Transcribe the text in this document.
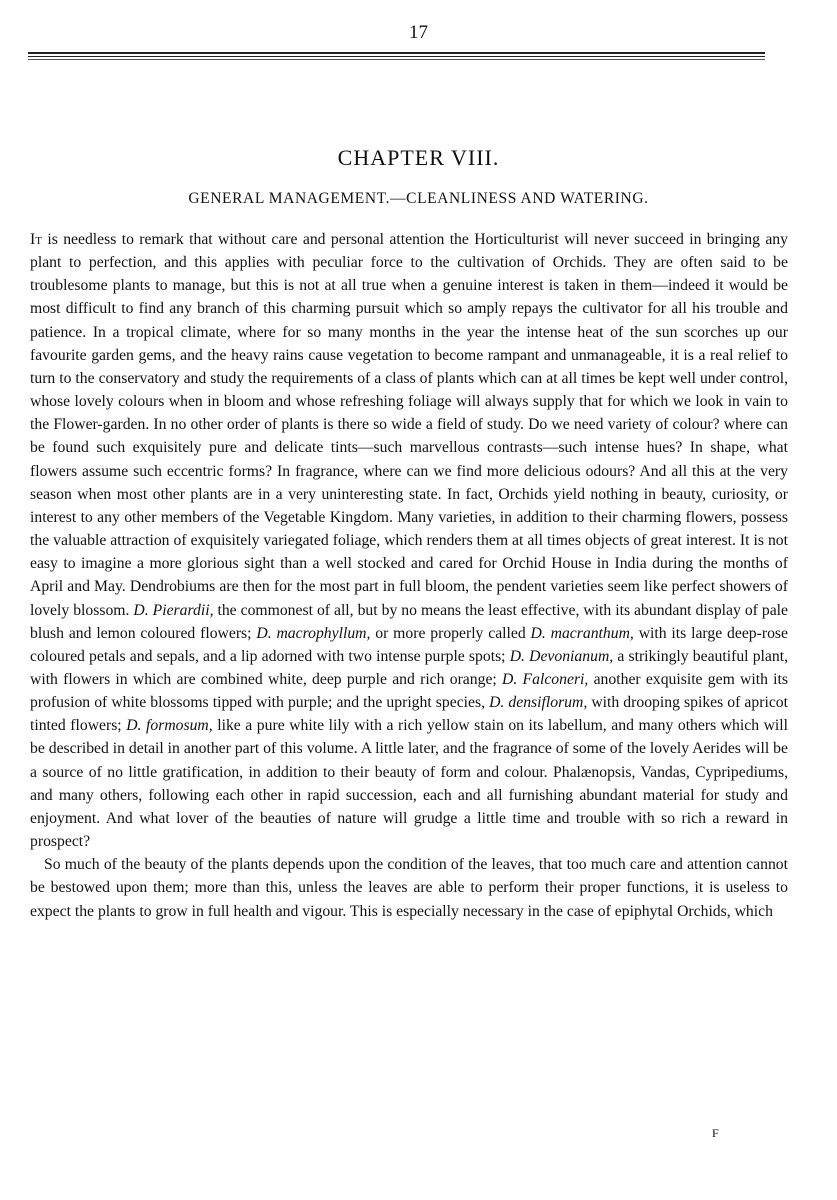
17
CHAPTER VIII.
GENERAL MANAGEMENT.—CLEANLINESS AND WATERING.

It is needless to remark that without care and personal attention the Horticulturist will never succeed in bringing any plant to perfection, and this applies with peculiar force to the cultivation of Orchids. They are often said to be troublesome plants to manage, but this is not at all true when a genuine interest is taken in them—indeed it would be most difficult to find any branch of this charming pursuit which so amply repays the cultivator for all his trouble and patience. In a tropical climate, where for so many months in the year the intense heat of the sun scorches up our favourite garden gems, and the heavy rains cause vegetation to become rampant and unmanageable, it is a real relief to turn to the conservatory and study the requirements of a class of plants which can at all times be kept well under control, whose lovely colours when in bloom and whose refreshing foliage will always supply that for which we look in vain to the Flower-garden. In no other order of plants is there so wide a field of study. Do we need variety of colour? where can be found such exquisitely pure and delicate tints—such marvellous contrasts—such intense hues? In shape, what flowers assume such eccentric forms? In fragrance, where can we find more delicious odours? And all this at the very season when most other plants are in a very uninteresting state. In fact, Orchids yield nothing in beauty, curiosity, or interest to any other members of the Vegetable Kingdom. Many varieties, in addition to their charming flowers, possess the valuable attraction of exquisitely variegated foliage, which renders them at all times objects of great interest. It is not easy to imagine a more glorious sight than a well stocked and cared for Orchid House in India during the months of April and May. Dendrobiums are then for the most part in full bloom, the pendent varieties seem like perfect showers of lovely blossom. D. Pierardii, the commonest of all, but by no means the least effective, with its abundant display of pale blush and lemon coloured flowers; D. macrophyllum, or more properly called D. macranthum, with its large deep-rose coloured petals and sepals, and a lip adorned with two intense purple spots; D. Devonianum, a strikingly beautiful plant, with flowers in which are combined white, deep purple and rich orange; D. Falconeri, another exquisite gem with its profusion of white blossoms tipped with purple; and the upright species, D. densiflorum, with drooping spikes of apricot tinted flowers; D. formosum, like a pure white lily with a rich yellow stain on its labellum, and many others which will be described in detail in another part of this volume. A little later, and the fragrance of some of the lovely Aerides will be a source of no little gratification, in addition to their beauty of form and colour. Phalænopsis, Vandas, Cypripediums, and many others, following each other in rapid succession, each and all furnishing abundant material for study and enjoyment. And what lover of the beauties of nature will grudge a little time and trouble with so rich a reward in prospect?

So much of the beauty of the plants depends upon the condition of the leaves, that too much care and attention cannot be bestowed upon them; more than this, unless the leaves are able to perform their proper functions, it is useless to expect the plants to grow in full health and vigour. This is especially necessary in the case of epiphytal Orchids, which

F
